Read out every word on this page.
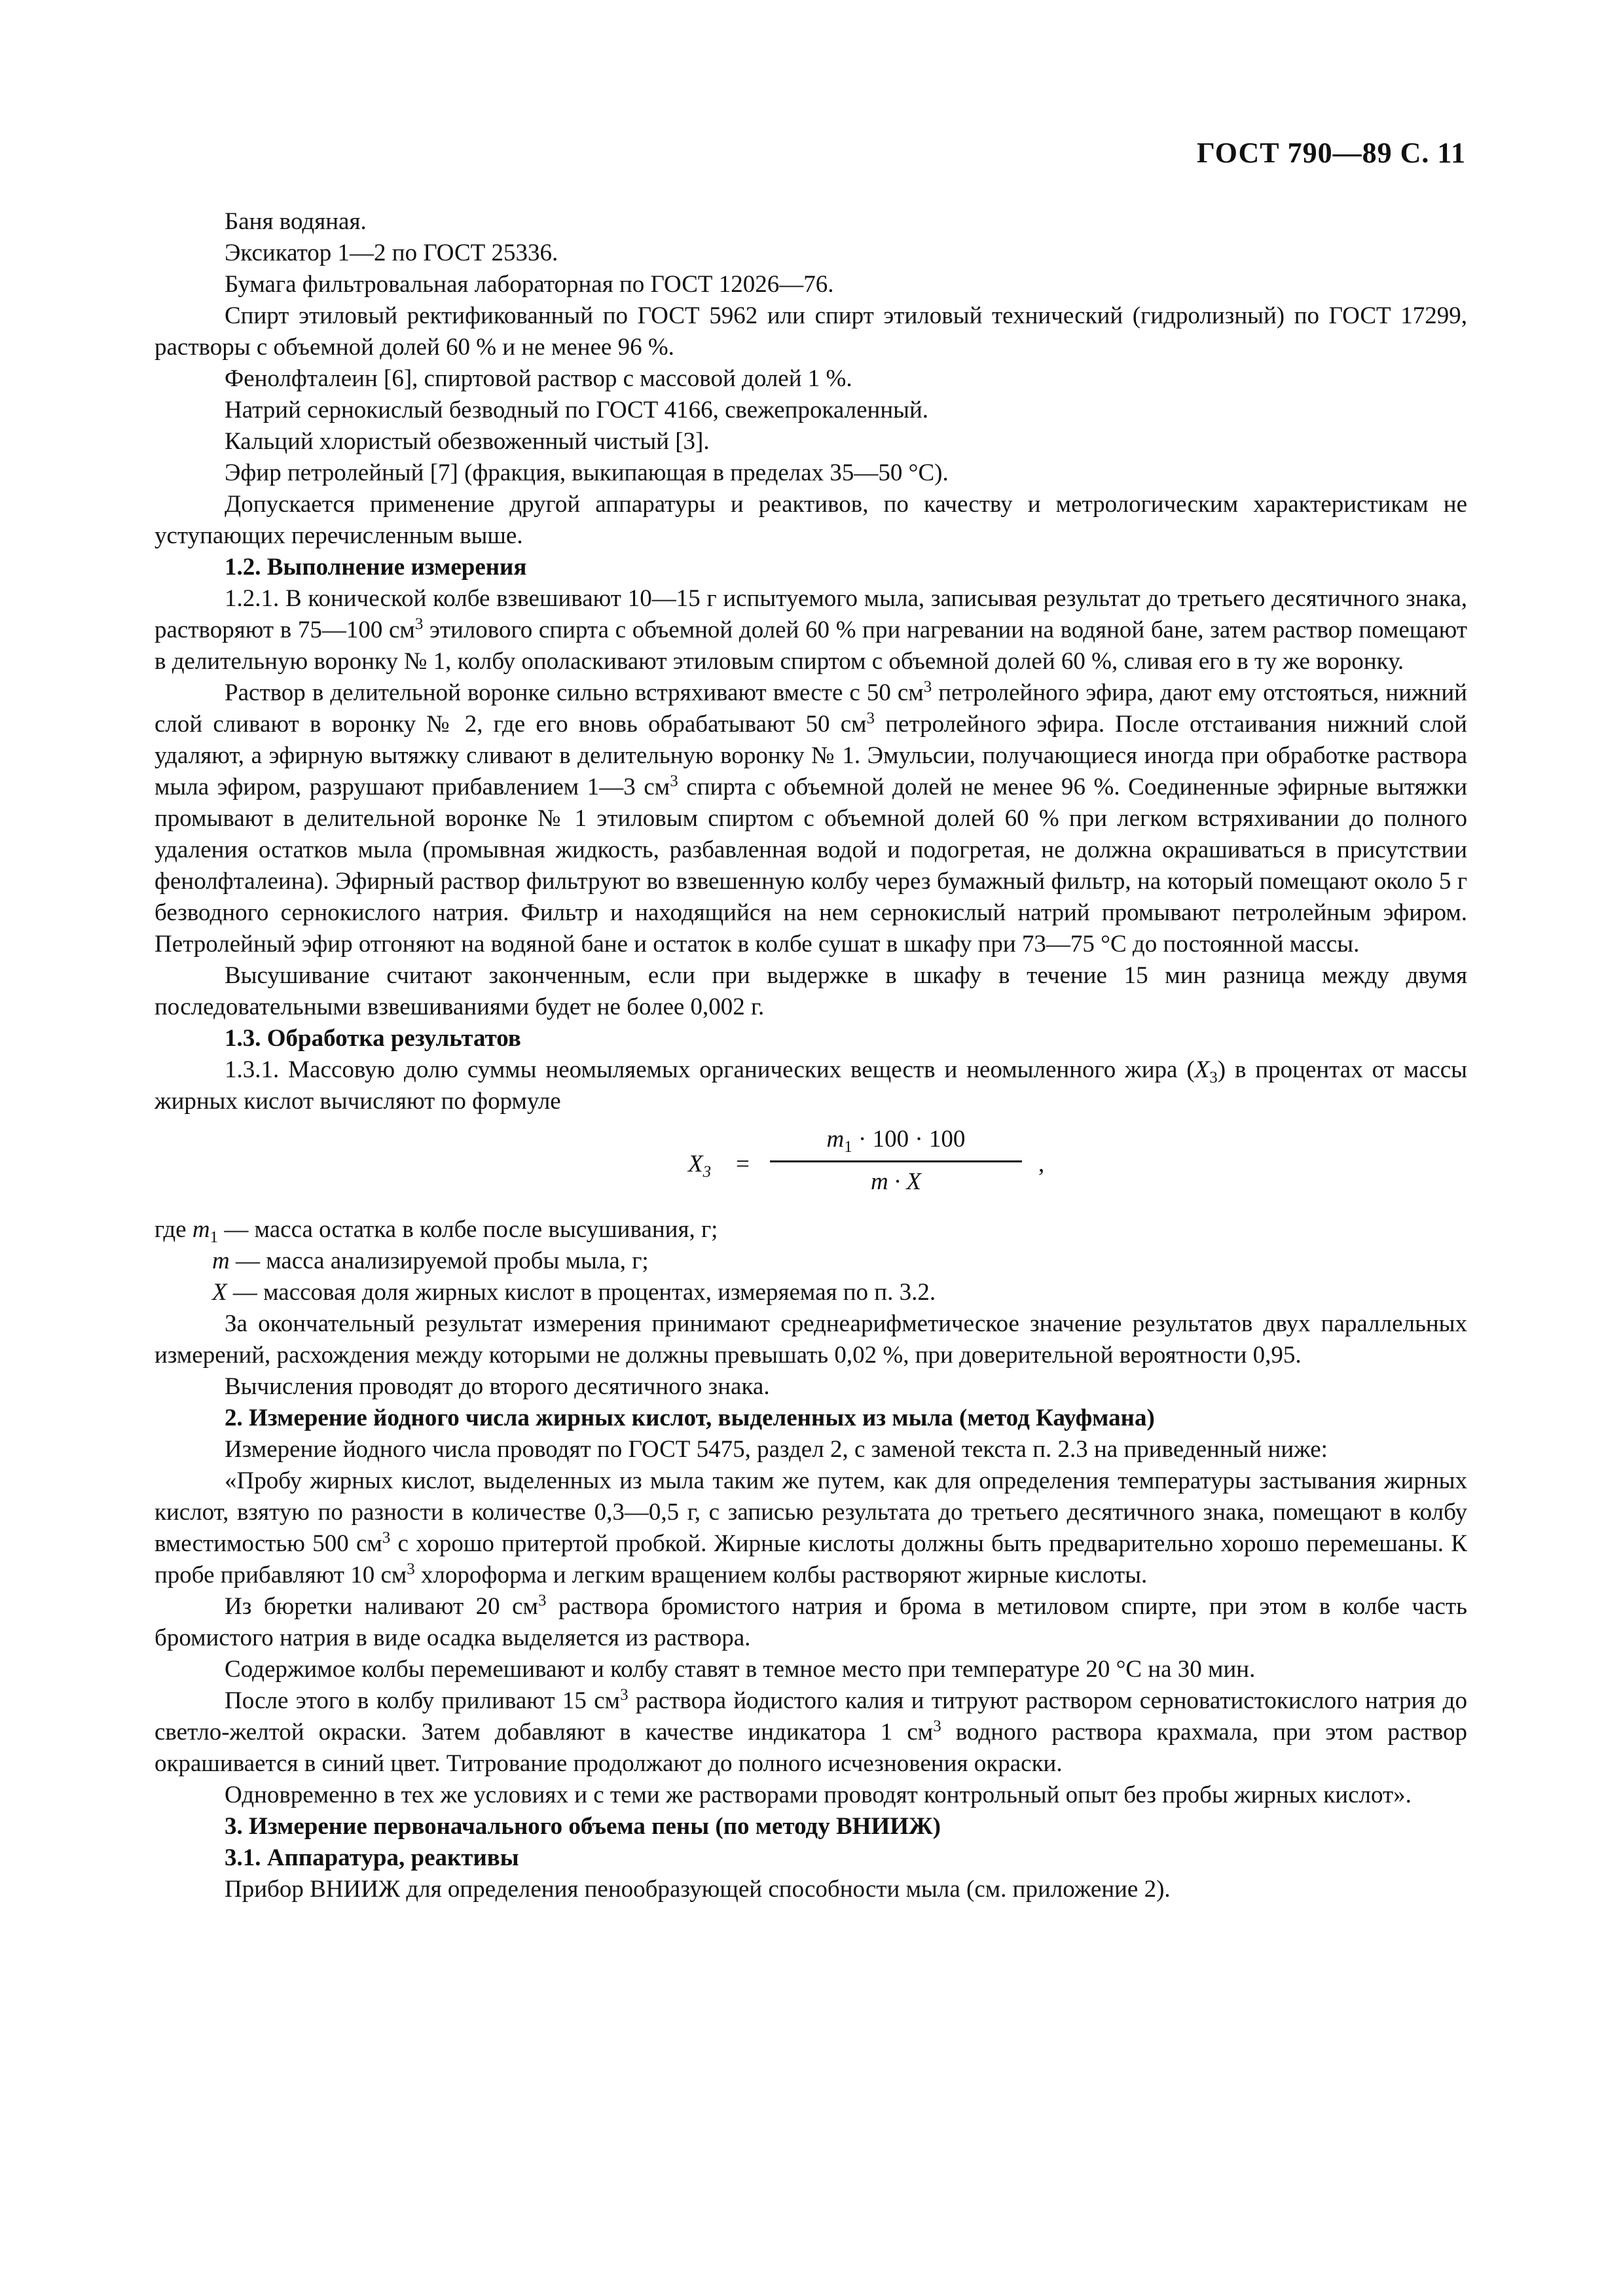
ГОСТ 790—89 С. 11

Баня водяная.

Эксикатор 1—2 по ГОСТ 25336.

Бумага фильтровальная лабораторная по ГОСТ 12026—76.

Спирт этиловый ректификованный по ГОСТ 5962 или спирт этиловый технический (гидролизный) по ГОСТ 17299, растворы с объемной долей 60 % и не менее 96 %.

Фенолфталеин [6], спиртовой раствор с массовой долей 1 %.

Натрий сернокислый безводный по ГОСТ 4166, свежепрокаленный.

Кальций хлористый обезвоженный чистый [3].

Эфир петролейный [7] (фракция, выкипающая в пределах 35—50 °С).

Допускается применение другой аппаратуры и реактивов, по качеству и метрологическим характеристикам не уступающих перечисленным выше.

1.2. Выполнение измерения

1.2.1. В конической колбе взвешивают 10—15 г испытуемого мыла, записывая результат до третьего десятичного знака, растворяют в 75—100 $см^3$ этилового спирта с объемной долей 60 % при нагревании на водяной бане, затем раствор помещают в делительную воронку № 1, колбу ополаскивают этиловым спиртом с объемной долей 60 %, сливая его в ту же воронку.

Раствор в делительной воронке сильно встряхивают вместе с 50 $см^3$ петролейного эфира, дают ему отстояться, нижний слой сливают в воронку № 2, где его вновь обрабатывают 50 $см^3$ петролейного эфира. После отстаивания нижний слой удаляют, а эфирную вытяжку сливают в делительную воронку № 1. Эмульсии, получающиеся иногда при обработке раствора мыла эфиром, разрушают прибавлением 1—3 $см^3$ спирта с объемной долей не менее 96 %. Соединенные эфирные вытяжки промывают в делительной воронке № 1 этиловым спиртом с объемной долей 60 % при легком встряхивании до полного удаления остатков мыла (промывная жидкость, разбавленная водой и подогретая, не должна окрашиваться в присутствии фенолфталеина). Эфирный раствор фильтруют во взвешенную колбу через бумажный фильтр, на который помещают около 5 г безводного сернокислого натрия. Фильтр и находящийся на нем сернокислый натрий промывают петролейным эфиром. Петролейный эфир отгоняют на водяной бане и остаток в колбе сушат в шкафу при 73—75 °С до постоянной массы.

Высушивание считают законченным, если при выдержке в шкафу в течение 15 мин разница между двумя последовательными взвешиваниями будет не более 0,002 г.

1.3. Обработка результатов

1.3.1. Массовую долю суммы неомыляемых органических веществ и неомыленного жира $(X_3)$ в процентах от массы жирных кислот вычисляют по формуле

$X_3$ =
$m_1 \cdot 100 \cdot 100$
m · X
,

где $m_1$ — масса остатка в колбе после высушивания, г;

m — масса анализируемой пробы мыла, г;

X — массовая доля жирных кислот в процентах, измеряемая по п. 3.2.

За окончательный результат измерения принимают среднеарифметическое значение результатов двух параллельных измерений, расхождения между которыми не должны превышать 0,02 %, при доверительной вероятности 0,95.

Вычисления проводят до второго десятичного знака.

2. Измерение йодного числа жирных кислот, выделенных из мыла (метод Кауфмана)

Измерение йодного числа проводят по ГОСТ 5475, раздел 2, с заменой текста п. 2.3 на приведенный ниже:

«Пробу жирных кислот, выделенных из мыла таким же путем, как для определения температуры застывания жирных кислот, взятую по разности в количестве 0,3—0,5 г, с записью результата до третьего десятичного знака, помещают в колбу вместимостью 500 $см^3$ с хорошо притертой пробкой. Жирные кислоты должны быть предварительно хорошо перемешаны. К пробе прибавляют 10 $см^3$ хлороформа и легким вращением колбы растворяют жирные кислоты.

Из бюретки наливают 20 $см^3$ раствора бромистого натрия и брома в метиловом спирте, при этом в колбе часть бромистого натрия в виде осадка выделяется из раствора.

Содержимое колбы перемешивают и колбу ставят в темное место при температуре 20 °С на 30 мин.

После этого в колбу приливают 15 $см^3$ раствора йодистого калия и титруют раствором серноватистокислого натрия до светло-желтой окраски. Затем добавляют в качестве индикатора 1 $см^3$ водного раствора крахмала, при этом раствор окрашивается в синий цвет. Титрование продолжают до полного исчезновения окраски.

Одновременно в тех же условиях и с теми же растворами проводят контрольный опыт без пробы жирных кислот».

3. Измерение первоначального объема пены (по методу ВНИИЖ)

3.1. Аппаратура, реактивы

Прибор ВНИИЖ для определения пенообразующей способности мыла (см. приложение 2).
